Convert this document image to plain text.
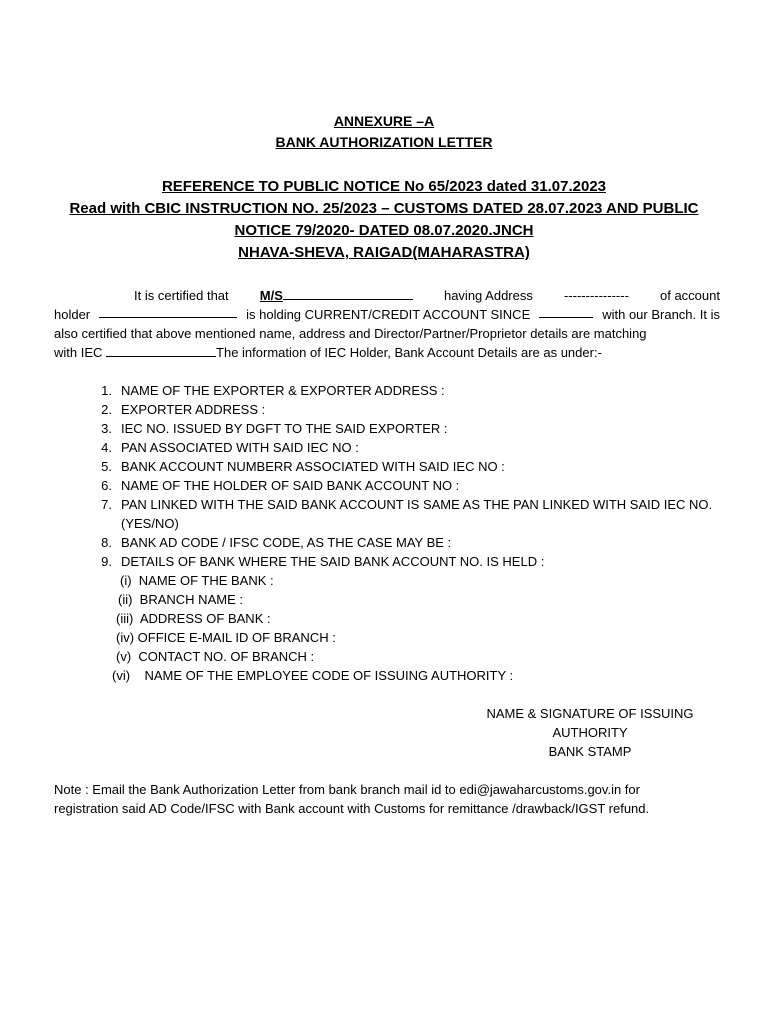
ANNEXURE –A
BANK AUTHORIZATION LETTER
REFERENCE TO PUBLIC NOTICE No 65/2023 dated 31.07.2023
Read with CBIC INSTRUCTION NO. 25/2023 – CUSTOMS DATED 28.07.2023 AND PUBLIC
NOTICE 79/2020- DATED 08.07.2020.JNCH
NHAVA-SHEVA, RAIGAD(MAHARASTRA)
It is certified that M/S	having Address --------------- of account
holder	is holding CURRENT/CREDIT ACCOUNT SINCE	with our Branch. It is
also certified that above mentioned name, address and Director/Partner/Proprietor details are matching
with IEC	The information of IEC Holder, Bank Account Details are as under:-
1. NAME OF THE EXPORTER & EXPORTER ADDRESS :
2. EXPORTER ADDRESS :
3. IEC NO. ISSUED BY DGFT TO THE SAID EXPORTER :
4. PAN ASSOCIATED WITH SAID IEC NO :
5. BANK ACCOUNT NUMBERR ASSOCIATED WITH SAID IEC NO :
6. NAME OF THE HOLDER OF SAID BANK ACCOUNT NO :
7. PAN LINKED WITH THE SAID BANK ACCOUNT IS SAME AS THE PAN LINKED WITH SAID IEC NO.
(YES/NO)
8. BANK AD CODE / IFSC CODE, AS THE CASE MAY BE :
9. DETAILS OF BANK WHERE THE SAID BANK ACCOUNT NO. IS HELD :
(i) NAME OF THE BANK :
(ii) BRANCH NAME :
(iii) ADDRESS OF BANK :
(iv) OFFICE E-MAIL ID OF BRANCH :
(v) CONTACT NO. OF BRANCH :
(vi) NAME OF THE EMPLOYEE CODE OF ISSUING AUTHORITY :
NAME & SIGNATURE OF ISSUING
AUTHORITY
BANK STAMP
Note : Email the Bank Authorization Letter from bank branch mail id to edi@jawaharcustoms.gov.in for
registration said AD Code/IFSC with Bank account with Customs for remittance /drawback/IGST refund.
